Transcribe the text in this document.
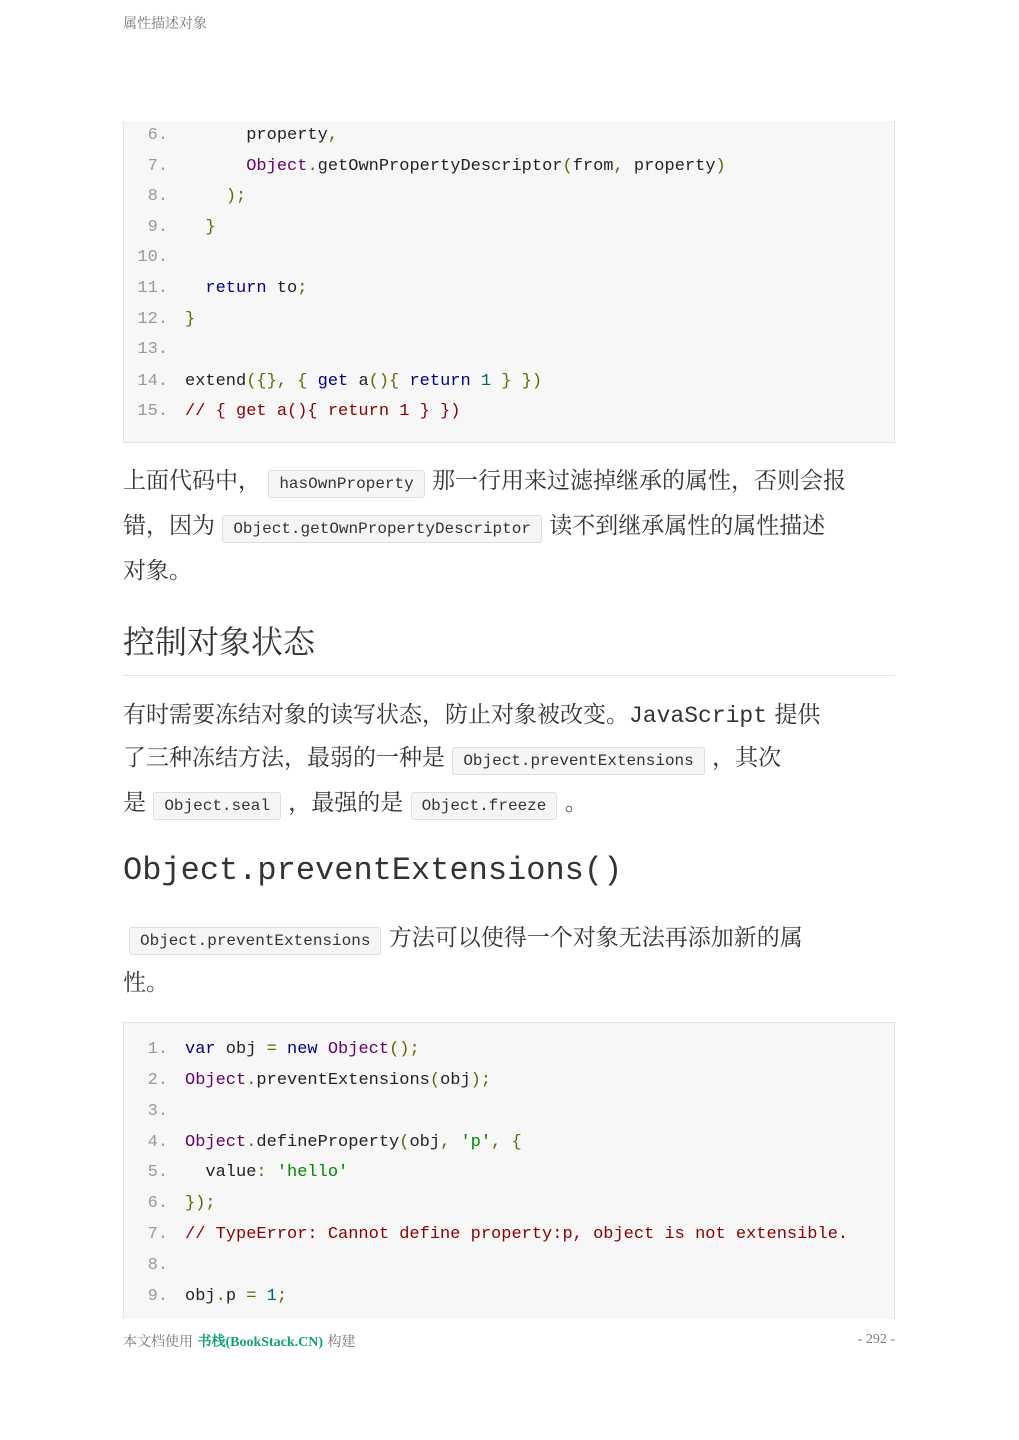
属性描述对象
6.      property,
7.	Object.getOwnPropertyDescriptor(from, property)
8.	);
9. }
10.
11. return to;
12. }
13.
14. extend({}, { get a(){ return 1 } })
15. // { get a(){ return 1 } })
上面代码中， hasOwnProperty 那一行用来过滤掉继承的属性，否则会报
错，因为 Object.getOwnPropertyDescriptor 读不到继承属性的属性描述
对象。
控制对象状态
有时需要冻结对象的读写状态，防止对象被改变。JavaScript 提供
了三种冻结方法，最弱的一种是 Object.preventExtensions ，其次
是 Object.seal ，最强的是 Object.freeze 。
Object.preventExtensions()
Object.preventExtensions 方法可以使得一个对象无法再添加新的属
性。
1. var obj = new Object();
2. Object.preventExtensions(obj);
3.
4. Object.defineProperty(obj, 'p', {
5.  value: 'hello'
6. });
7. // TypeError: Cannot define property:p, object is not extensible.
8.
9. obj.p = 1;
本文档使用 书栈(BookStack.CN) 构建	- 292 -
